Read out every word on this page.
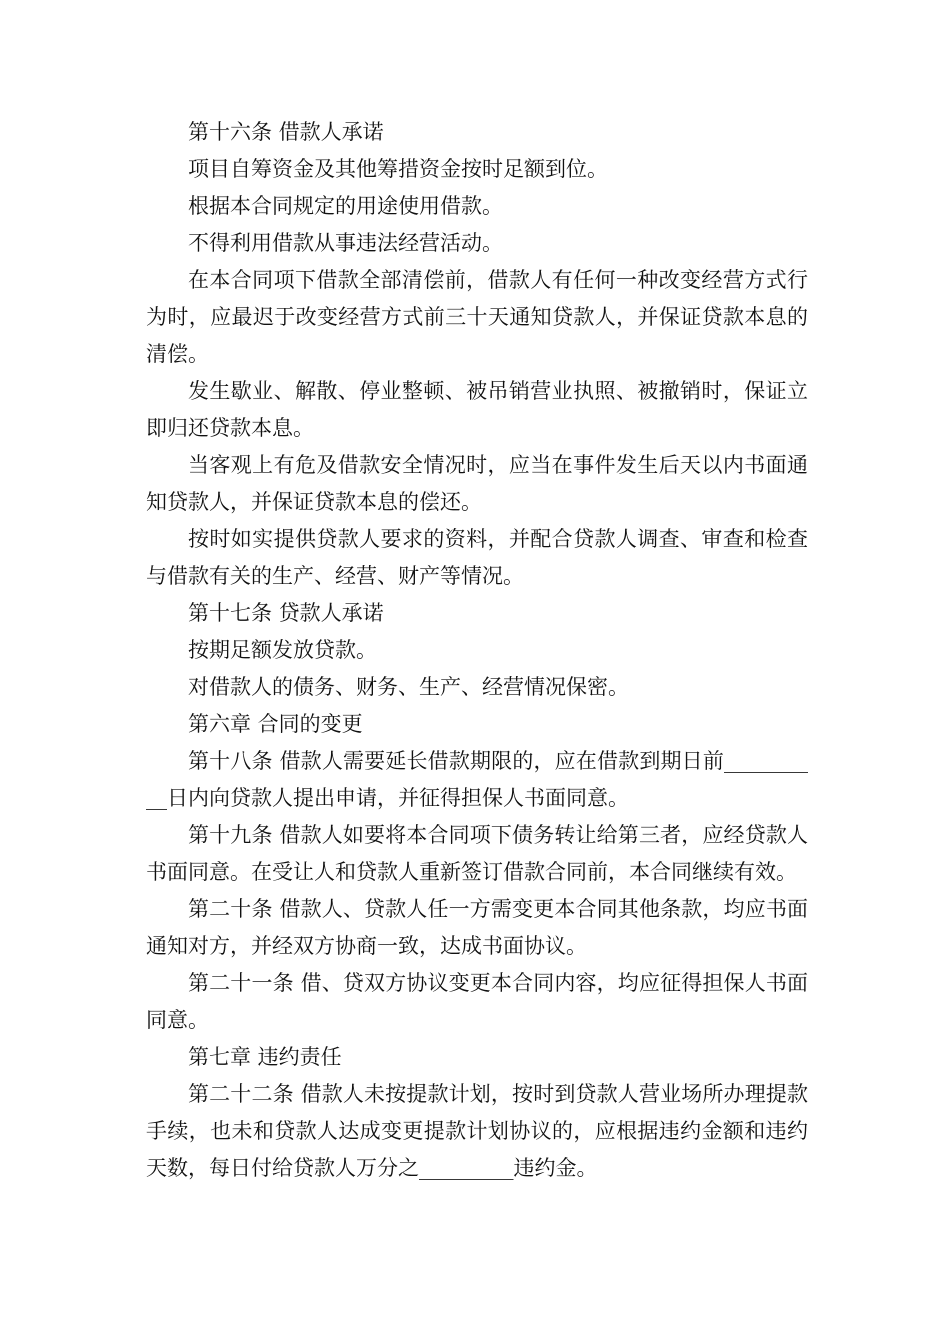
第十六条 借款人承诺

项目自筹资金及其他筹措资金按时足额到位。

根据本合同规定的用途使用借款。

不得利用借款从事违法经营活动。

在本合同项下借款全部清偿前，借款人有任何一种改变经营方式行为时，应最迟于改变经营方式前三十天通知贷款人，并保证贷款本息的清偿。

发生歇业、解散、停业整顿、被吊销营业执照、被撤销时，保证立即归还贷款本息。

当客观上有危及借款安全情况时，应当在事件发生后天以内书面通知贷款人，并保证贷款本息的偿还。

按时如实提供贷款人要求的资料，并配合贷款人调查、审查和检查与借款有关的生产、经营、财产等情况。

第十七条 贷款人承诺

按期足额发放贷款。

对借款人的债务、财务、生产、经营情况保密。

第六章 合同的变更

第十八条 借款人需要延长借款期限的，应在借款到期日前__________日内向贷款人提出申请，并征得担保人书面同意。

第十九条 借款人如要将本合同项下债务转让给第三者，应经贷款人书面同意。在受让人和贷款人重新签订借款合同前，本合同继续有效。

第二十条 借款人、贷款人任一方需变更本合同其他条款，均应书面通知对方，并经双方协商一致，达成书面协议。

第二十一条 借、贷双方协议变更本合同内容，均应征得担保人书面同意。

第七章 违约责任

第二十二条 借款人未按提款计划，按时到贷款人营业场所办理提款手续，也未和贷款人达成变更提款计划协议的，应根据违约金额和违约天数，每日付给贷款人万分之_________违约金。
